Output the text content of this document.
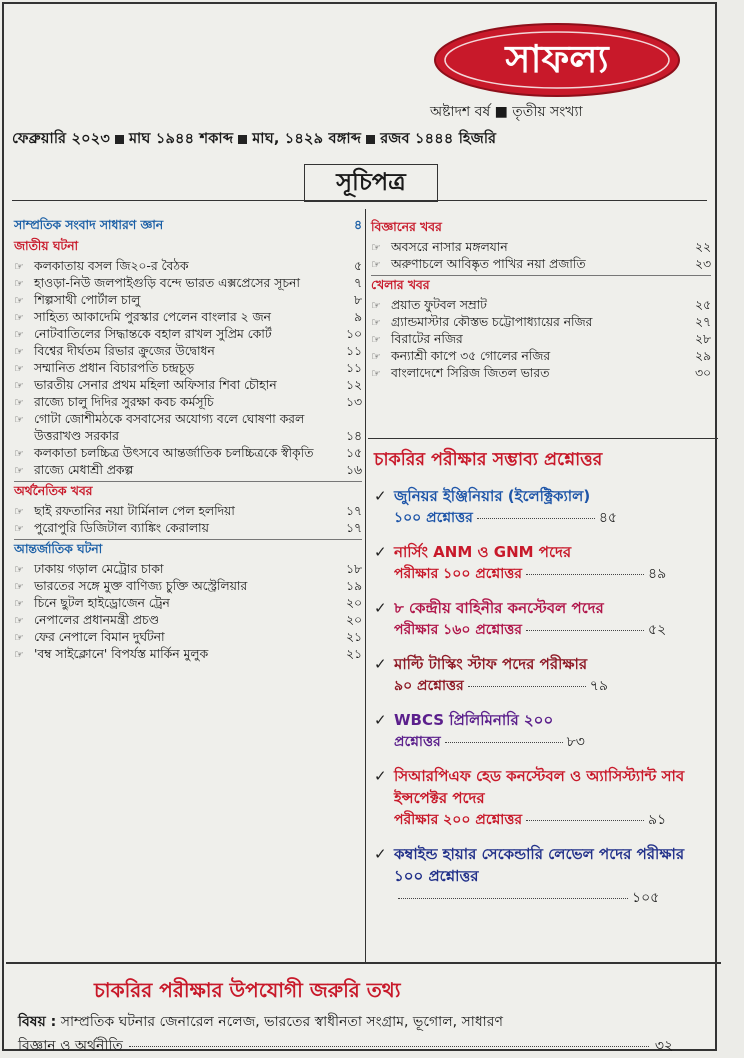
সাফল্য
অষ্টাদশ বর্ষ ■ তৃতীয় সংখ্যা
ফেব্রুয়ারি ২০২৩ মাঘ ১৯৪৪ শকাব্দ মাঘ, ১৪২৯ বঙ্গাব্দ রজব ১৪৪৪ হিজরি
সূচিপত্র
সাম্প্রতিক সংবাদ সাধারণ জ্ঞান	৪
জাতীয় ঘটনা
☞ কলকাতায় বসল জি২০-র বৈঠক	৫
☞ হাওড়া-নিউ জলপাইগুড়ি বন্দে ভারত এক্সপ্রেসের সূচনা	৭
☞ শিল্পসাথী পোর্টাল চালু	৮
☞ সাহিত্য আকাদেমি পুরস্কার পেলেন বাংলার ২ জন	৯
☞ নোটবাতিলের সিদ্ধান্তকে বহাল রাখল সুপ্রিম কোর্ট	১০
☞ বিশ্বের দীর্ঘতম রিভার ক্রুজের উদ্বোধন	১১
☞ সম্মানিত প্রধান বিচারপতি চন্দ্রচূড়	১১
☞ ভারতীয় সেনার প্রথম মহিলা অফিসার শিবা চৌহান	১২
☞ রাজ্যে চালু দিদির সুরক্ষা কবচ কর্মসূচি	১৩
☞ গোটা জোশীমঠকে বসবাসের অযোগ্য বলে ঘোষণা করল উত্তরাখণ্ড সরকার	১৪
☞ কলকাতা চলচ্চিত্র উৎসবে আন্তর্জাতিক চলচ্চিত্রকে স্বীকৃতি	১৫
☞ রাজ্যে মেধাশ্রী প্রকল্প	১৬
অর্থনৈতিক খবর
☞ ছাই রফতানির নয়া টার্মিনাল পেল হলদিয়া	১৭
☞ পুরোপুরি ডিজিটাল ব্যাঙ্কিং কেরালায়	১৭
আন্তর্জাতিক ঘটনা
☞ ঢাকায় গড়াল মেট্রোর চাকা	১৮
☞ ভারতের সঙ্গে মুক্ত বাণিজ্য চুক্তি অস্ট্রেলিয়ার	১৯
☞ চিনে ছুটল হাইড্রোজেন ট্রেন	২০
☞ নেপালের প্রধানমন্ত্রী প্রচণ্ড	২০
☞ ফের নেপালে বিমান দুর্ঘটনা	২১
☞ 'বম্ব সাইক্লোনে' বিপর্যস্ত মার্কিন মুলুক	২১
বিজ্ঞানের খবর
☞ অবসরে নাসার মঙ্গলযান	২২
☞ অরুণাচলে আবিষ্কৃত পাখির নয়া প্রজাতি	২৩
খেলার খবর
☞ প্রয়াত ফুটবল সম্রাট	২৫
☞ গ্র্যান্ডমাস্টার কৌস্তভ চট্টোপাধ্যায়ের নজির	২৭
☞ বিরাটের নজির	২৮
☞ কন্যাশ্রী কাপে ৩৫ গোলের নজির	২৯
☞ বাংলাদেশে সিরিজ জিতল ভারত	৩০
চাকরির পরীক্ষার সম্ভাব্য প্রশ্নোত্তর
✓ জুনিয়র ইঞ্জিনিয়ার (ইলেক্ট্রিক্যাল)
১০০ প্রশ্নোত্তর	৪৫
✓ নার্সিং ANM ও GNM পদের
পরীক্ষার ১০০ প্রশ্নোত্তর	৪৯
✓ ৮ কেন্দ্রীয় বাহিনীর কনস্টেবল পদের
পরীক্ষার ১৬০ প্রশ্নোত্তর	৫২
✓ মাল্টি টাস্কিং স্টাফ পদের পরীক্ষার
৯০ প্রশ্নোত্তর	৭৯
✓ WBCS প্রিলিমিনারি ২০০
প্রশ্নোত্তর	৮৩
✓ সিআরপিএফ হেড কনস্টেবল ও অ্যাসিস্ট্যান্ট সাব ইন্সপেক্টর পদের
পরীক্ষার ২০০ প্রশ্নোত্তর	৯১
✓ কম্বাইন্ড হায়ার সেকেন্ডারি লেভেল পদের পরীক্ষার ১০০ প্রশ্নোত্তর
১০৫
চাকরির পরীক্ষার উপযোগী জরুরি তথ্য
বিষয় : সাম্প্রতিক ঘটনার জেনারেল নলেজ, ভারতের স্বাধীনতা সংগ্রাম, ভূগোল, সাধারণ
বিজ্ঞান ও অর্থনীতি	৩২
